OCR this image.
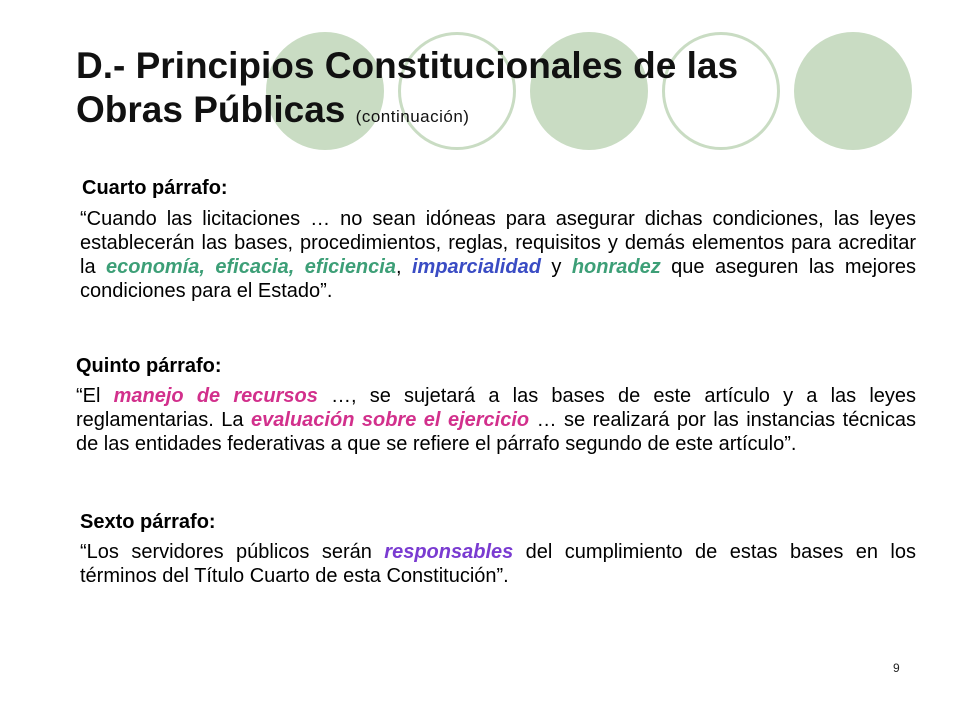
D.- Principios Constitucionales de las
Obras Públicas (continuación)

Cuarto párrafo:

“Cuando las licitaciones … no sean idóneas para asegurar dichas condiciones, las leyes establecerán las bases, procedimientos, reglas, requisitos y demás elementos para acreditar la economía, eficacia, eficiencia, imparcialidad y honradez que aseguren las mejores condiciones para el Estado”.

Quinto párrafo:

“El manejo de recursos …, se sujetará a las bases de este artículo y a las leyes reglamentarias. La evaluación sobre el ejercicio … se realizará por las instancias técnicas de las entidades federativas a que se refiere el párrafo segundo de este artículo”.

Sexto párrafo:

“Los servidores públicos serán responsables del cumplimiento de estas bases en los términos del Título Cuarto de esta Constitución”.

9
